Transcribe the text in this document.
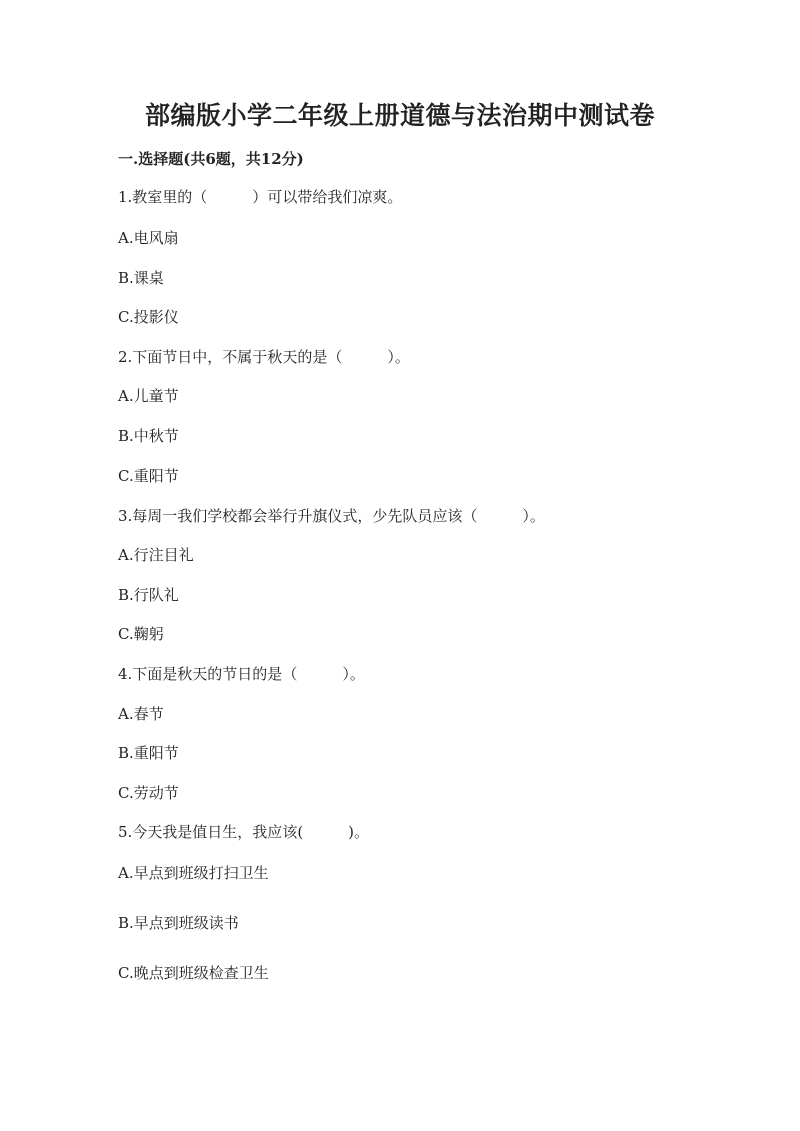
部编版小学二年级上册道德与法治期中测试卷
一.选择题(共6题，共12分)
1.教室里的（　　　）可以带给我们凉爽。
A.电风扇
B.课桌
C.投影仪
2.下面节日中，不属于秋天的是（　　　）。
A.儿童节
B.中秋节
C.重阳节
3.每周一我们学校都会举行升旗仪式，少先队员应该（　　　）。
A.行注目礼
B.行队礼
C.鞠躬
4.下面是秋天的节日的是（　　　）。
A.春节
B.重阳节
C.劳动节
5.今天我是值日生，我应该(　　　)。
A.早点到班级打扫卫生
B.早点到班级读书
C.晚点到班级检查卫生
